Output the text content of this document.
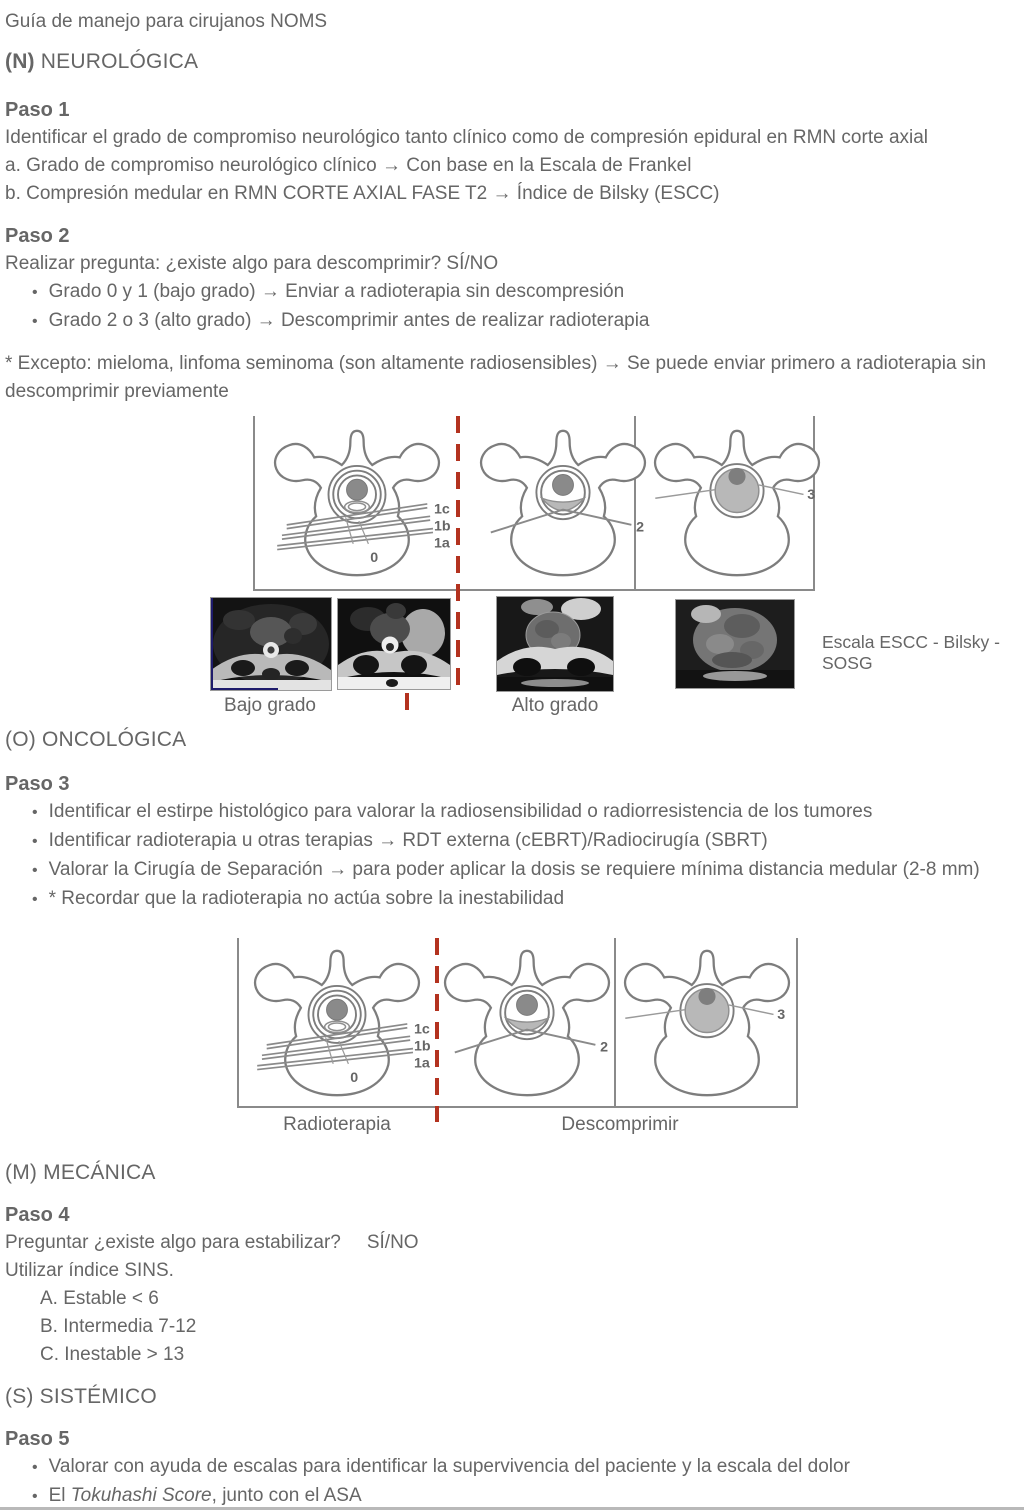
Guía de manejo para cirujanos NOMS
(N) NEUROLÓGICA
Paso 1
Identificar el grado de compromiso neurológico tanto clínico como de compresión epidural en RMN corte axial
a. Grado de compromiso neurológico clínico → Con base en la Escala de Frankel
b. Compresión medular en RMN CORTE AXIAL FASE T2 → Índice de Bilsky (ESCC)
Paso 2
Realizar pregunta: ¿existe algo para descomprimir? SÍ/NO
• Grado 0 y 1 (bajo grado) → Enviar a radioterapia sin descompresión
• Grado 2 o 3 (alto grado) → Descomprimir antes de realizar radioterapia
* Excepto: mieloma, linfoma seminoma (son altamente radiosensibles) → Se puede enviar primero a radioterapia sin descomprimir previamente
1c
1b
1a
0
2
3
Bajo grado	Alto grado
Escala ESCC - Bilsky - SOSG
(O) ONCOLÓGICA
Paso 3
• Identificar el estirpe histológico para valorar la radiosensibilidad o radiorresistencia de los tumores
• Identificar radioterapia u otras terapias → RDT externa (cEBRT)/Radiocirugía (SBRT)
• Valorar la Cirugía de Separación → para poder aplicar la dosis se requiere mínima distancia medular (2-8 mm)
• * Recordar que la radioterapia no actúa sobre la inestabilidad
1c
1b
1a
0
2
3
Radioterapia	Descomprimir
(M) MECÁNICA
Paso 4
Preguntar ¿existe algo para estabilizar? SÍ/NO
Utilizar índice SINS.
A. Estable < 6
B. Intermedia 7-12
C. Inestable > 13
(S) SISTÉMICO
Paso 5
• Valorar con ayuda de escalas para identificar la supervivencia del paciente y la escala del dolor
• El Tokuhashi Score, junto con el ASA
